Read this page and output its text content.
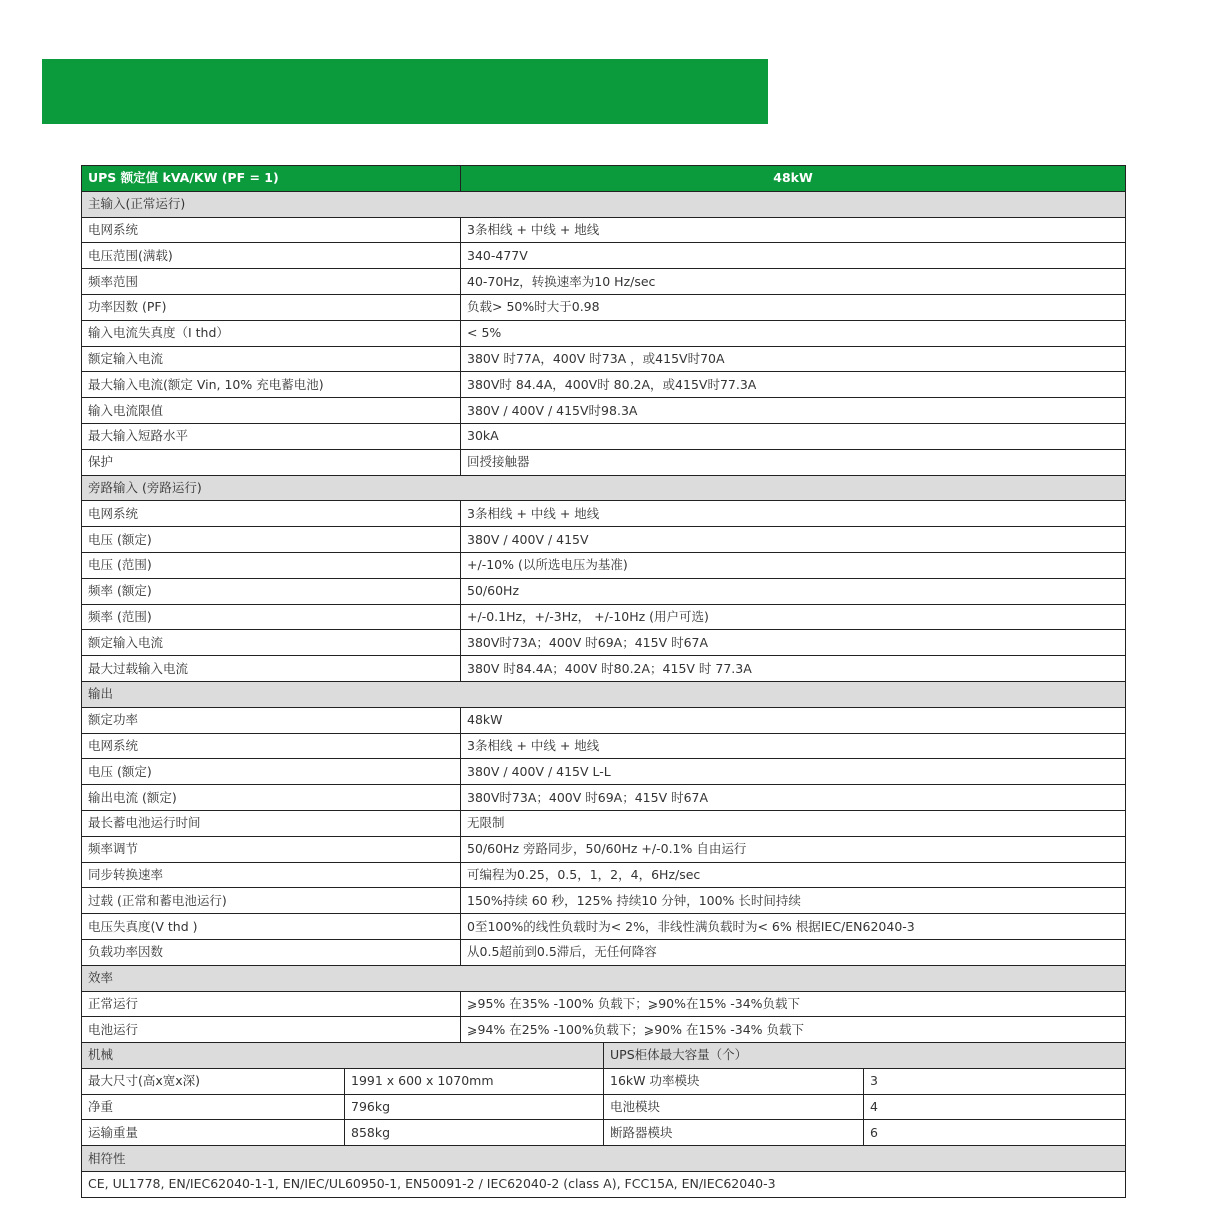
UPS 额定值 kVA/KW (PF = 1)		48kW		
主输入(正常运行)				
电网系统		3条相线 + 中线 + 地线		
电压范围(满载)		340-477V		
频率范围		40-70Hz，转换速率为10 Hz/sec		
功率因数 (PF)		负载> 50%时大于0.98		
输入电流失真度（I thd）		< 5%		
额定输入电流		380V 时77A，400V 时73A ，或415V时70A		
最大输入电流(额定 Vin, 10% 充电蓄电池)		380V时 84.4A，400V时 80.2A，或415V时77.3A		
输入电流限值		380V / 400V / 415V时98.3A		
最大输入短路水平		30kA		
保护		回授接触器		
旁路输入 (旁路运行)				
电网系统		3条相线 + 中线 + 地线		
电压 (额定)		380V / 400V / 415V		
电压 (范围)		+/-10% (以所选电压为基准)		
频率 (额定)		50/60Hz		
频率 (范围)		+/-0.1Hz，+/-3Hz， +/-10Hz (用户可选)		
额定输入电流		380V时73A；400V 时69A；415V 时67A		
最大过载输入电流		380V 时84.4A；400V 时80.2A；415V 时 77.3A		
输出				
额定功率		48kW		
电网系统		3条相线 + 中线 + 地线		
电压 (额定)		380V / 400V / 415V L-L		
输出电流 (额定)		380V时73A；400V 时69A；415V 时67A		
最长蓄电池运行时间		无限制		
频率调节		50/60Hz 旁路同步，50/60Hz +/-0.1% 自由运行		
同步转换速率		可编程为0.25，0.5，1，2，4，6Hz/sec		
过载 (正常和蓄电池运行)		150%持续 60 秒，125% 持续10 分钟，100% 长时间持续		
电压失真度(V thd )		0至100%的线性负载时为< 2%，非线性满负载时为< 6% 根据IEC/EN62040-3		
负载功率因数		从0.5超前到0.5滞后，无任何降容		
效率				
正常运行		⩾95% 在35% -100% 负载下；⩾90%在15% -34%负载下		
电池运行		⩾94% 在25% -100%负载下；⩾90% 在15% -34% 负载下		
机械			UPS柜体最大容量（个）	
最大尺寸(高x宽x深)	1991 x 600 x 1070mm		16kW 功率模块	3
净重	796kg		电池模块	4
运输重量	858kg		断路器模块	6
相符性				
CE, UL1778, EN/IEC62040-1-1, EN/IEC/UL60950-1, EN50091-2 / IEC62040-2 (class A), FCC15A, EN/IEC62040-3				
